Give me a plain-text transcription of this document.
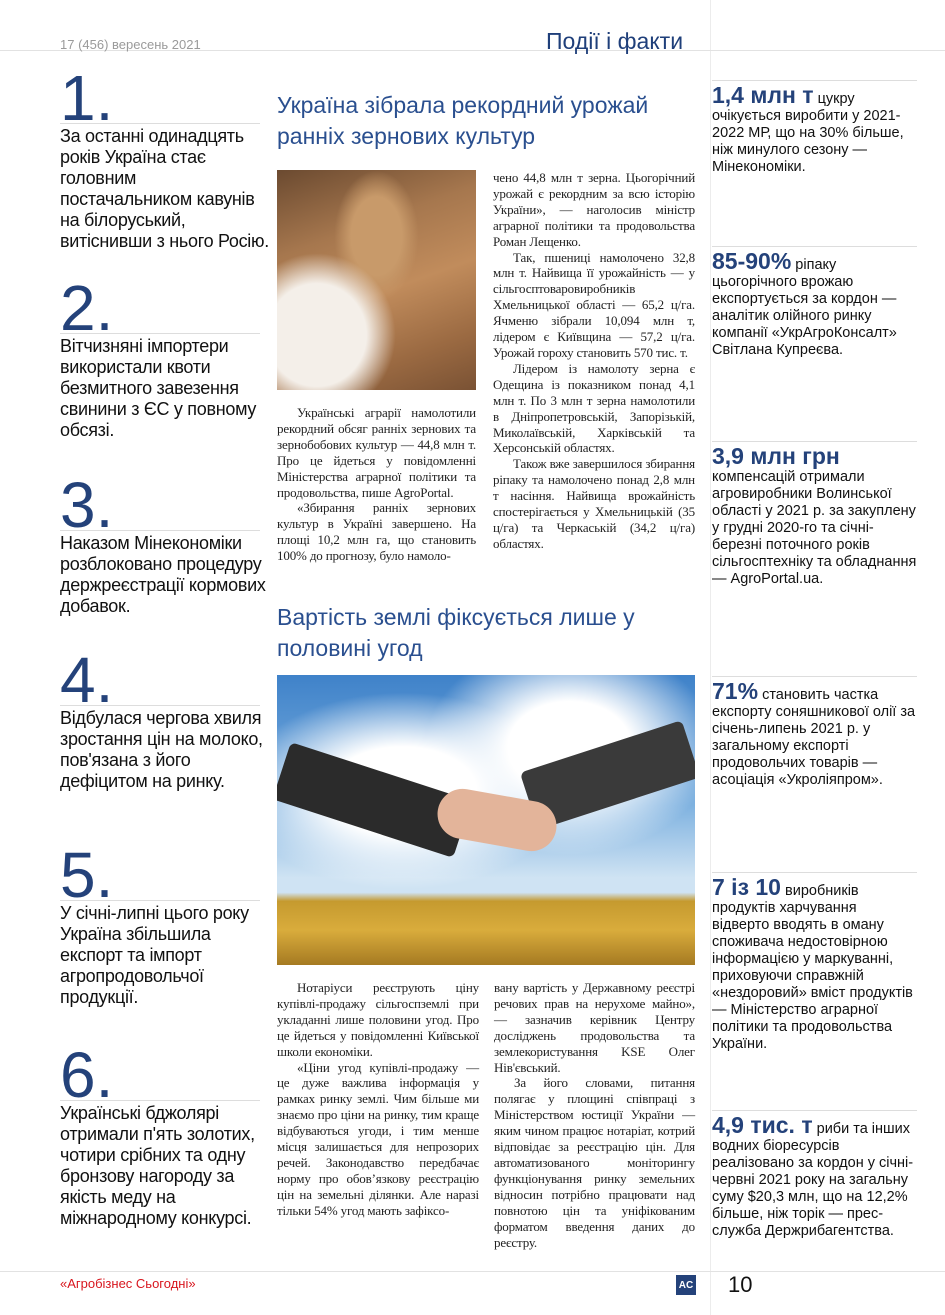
17 (456) вересень 2021	Події і факти
1.
За останні одинадцять років Україна стає головним постачальником кавунів на білоруський, витіснивши з нього Росію.
2.
Вітчизняні імпортери використали квоти безмитного завезення свинини з ЄС у повному обсязі.
3.
Наказом Мінекономіки розблоковано процедуру держреєстрації кормових добавок.
4.
Відбулася чергова хвиля зростання цін на молоко, пов'язана з його дефіцитом на ринку.
5.
У січні-липні цього року Україна збільшила експорт та імпорт агропродовольчої продукції.
6.
Українські бджолярі отримали п'ять золотих, чотири срібних та одну бронзову нагороду за якість меду на міжнародному конкурсі.
Україна зібрала рекордний урожай ранніх зернових культур

Українські аграрії намолотили рекордний обсяг ранніх зернових та зернобобових культур — 44,8 млн т. Про це йдеться у повідомленні Міністерства аграрної політики та продовольства, пише AgroPortal.

«Збирання ранніх зернових культур в Україні завершено. На площі 10,2 млн га, що становить 100% до прогнозу, було намоло-

чено 44,8 млн т зерна. Цьогорічний урожай є рекордним за всю історію України», — наголосив міністр аграрної політики та продовольства Роман Лещенко.

Так, пшениці намолочено 32,8 млн т. Найвища її урожайність — у сільгосптоваровиробників Хмельницької області — 65,2 ц/га. Ячменю зібрали 10,094 млн т, лідером є Київщина — 57,2 ц/га. Урожай гороху становить 570 тис. т.

Лідером із намолоту зерна є Одещина із показником понад 4,1 млн т. По 3 млн т зерна намолотили в Дніпропетровській, Запорізькій, Миколаївській, Харківській та Херсонській областях.

Також вже завершилося збирання ріпаку та намолочено понад 2,8 млн т насіння. Найвища врожайність спостерігається у Хмельницькій (35 ц/га) та Черкаській (34,2 ц/га) областях.

Вартість землі фіксується лише у половині угод

Нотаріуси реєструють ціну купівлі-продажу сільгоспземлі при укладанні лише половини угод. Про це йдеться у повідомленні Київської школи економіки.

«Ціни угод купівлі-продажу — це дуже важлива інформація у рамках ринку землі. Чим більше ми знаємо про ціни на ринку, тим краще відбуваються угоди, і тим менше місця залишається для непрозорих речей. Законодавство передбачає норму про обов’язкову реєстрацію цін на земельні ділянки. Але наразі тільки 54% угод мають зафіксо-

вану вартість у Державному реєстрі речових прав на нерухоме майно», — зазначив керівник Центру досліджень продовольства та землекористування KSE Олег Нів'євський.

За його словами, питання полягає у площині співпраці з Міністерством юстиції України — яким чином працює нотаріат, котрий відповідає за реєстрацію цін. Для автоматизованого моніторингу функціонування ринку земельних відносин потрібно працювати над повнотою цін та уніфікованим форматом введення даних до реєстру.

1,4 млн т цукру очікується виробити у 2021-2022 МР, що на 30% більше, ніж минулого сезону — Мінекономіки.
85-90% ріпаку цьогорічного врожаю експортується за кордон — аналітик олійного ринку компанії «УкрАгроКонсалт» Світлана Купреєва.
3,9 млн грн компенсацій отримали агровиробники Волинської області у 2021 р. за закуплену у грудні 2020-го та січні-березні поточного років сільгосптехніку та обладнання — AgroPortal.ua.
71% становить частка експорту соняшникової олії за січень-липень 2021 р. у загальному експорті продовольчих товарів — асоціація «Укроліяпром».
7 із 10 виробників продуктів харчування відверто вводять в оману споживача недостовірною інформацією у маркуванні, приховуючи справжній «нездоровий» вміст продуктів — Міністерство аграрної політики та продовольства України.
4,9 тис. т риби та інших водних біоресурсів реалізовано за кордон у січні-червні 2021 року на загальну суму $20,3 млн, що на 12,2% більше, ніж торік — прес-служба Держрибагентства.
«Агробізнес Сьогодні»	AC 10
